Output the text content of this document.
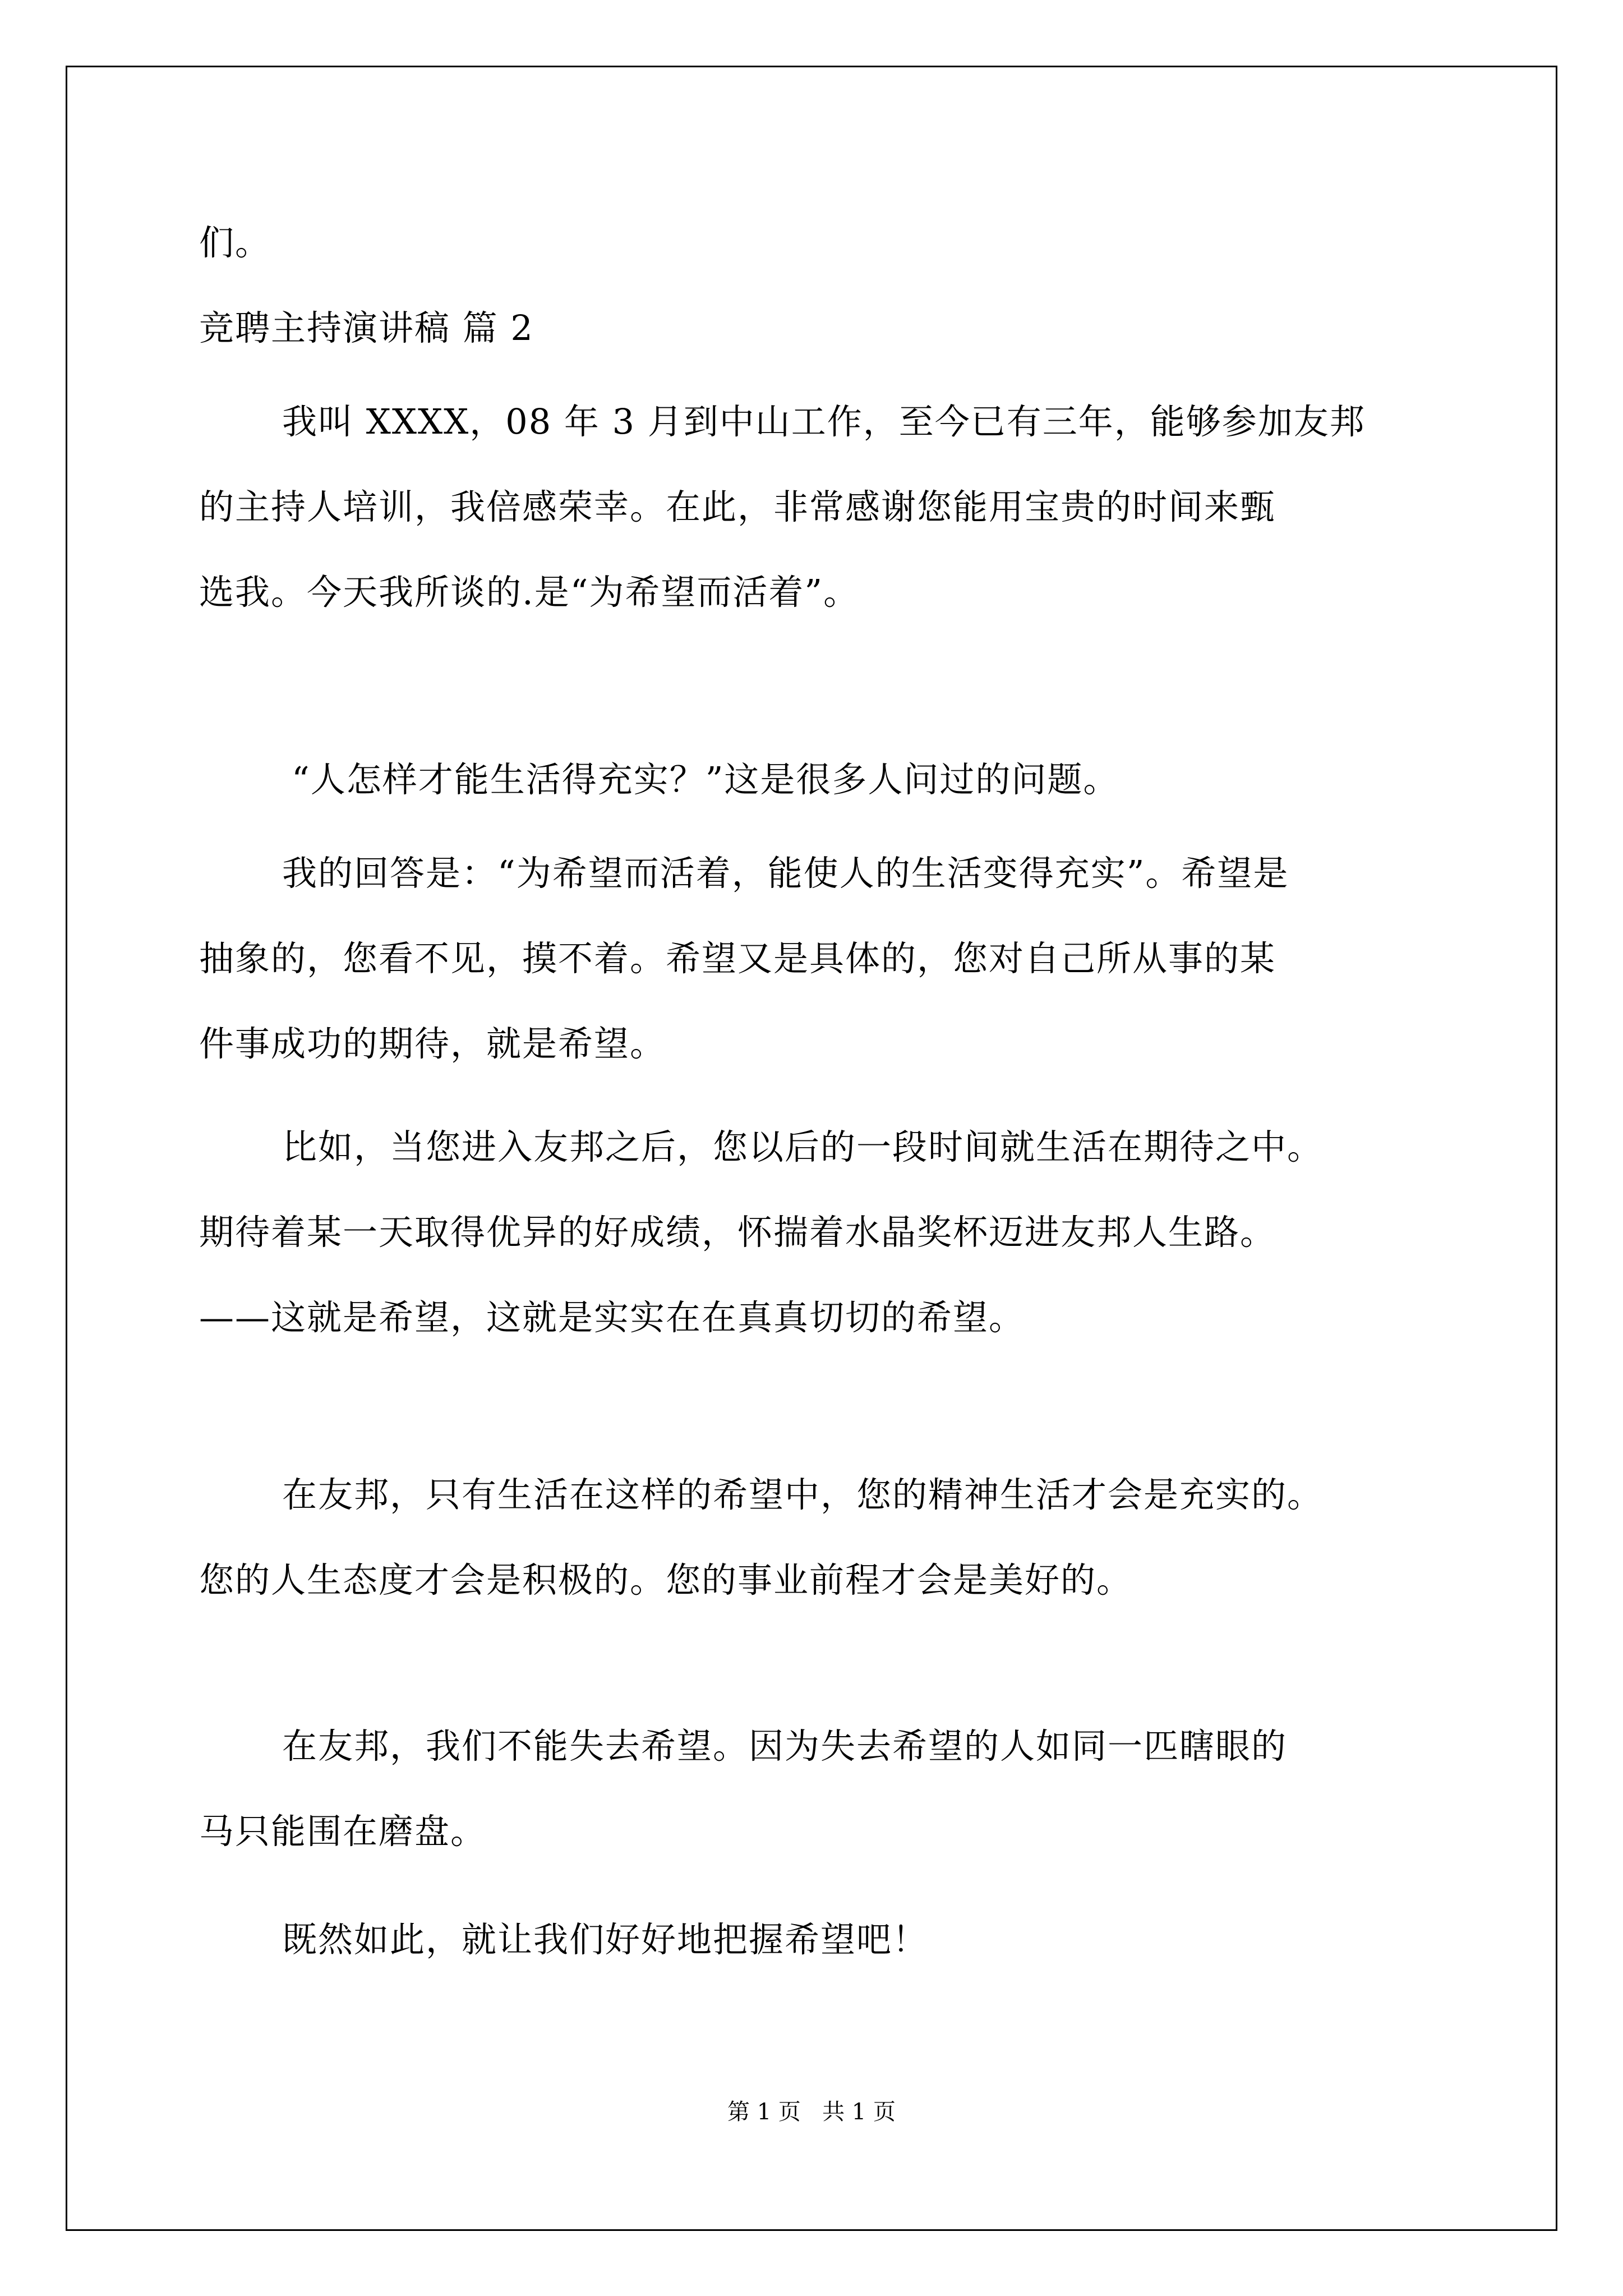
们。
竞聘主持演讲稿 篇 2
我叫 XXXX，08 年 3 月到中山工作，至今已有三年，能够参加友邦
的主持人培训，我倍感荣幸。在此，非常感谢您能用宝贵的时间来甄
选我。今天我所谈的.是“为希望而活着”。
“人怎样才能生活得充实？”这是很多人问过的问题。
我的回答是：“为希望而活着，能使人的生活变得充实”。希望是
抽象的，您看不见，摸不着。希望又是具体的，您对自己所从事的某
件事成功的期待，就是希望。
比如，当您进入友邦之后，您以后的一段时间就生活在期待之中。
期待着某一天取得优异的好成绩，怀揣着水晶奖杯迈进友邦人生路。
——这就是希望，这就是实实在在真真切切的希望。
在友邦，只有生活在这样的希望中，您的精神生活才会是充实的。
您的人生态度才会是积极的。您的事业前程才会是美好的。
在友邦，我们不能失去希望。因为失去希望的人如同一匹瞎眼的
马只能围在磨盘。
既然如此，就让我们好好地把握希望吧！
第 1 页   共 1 页
